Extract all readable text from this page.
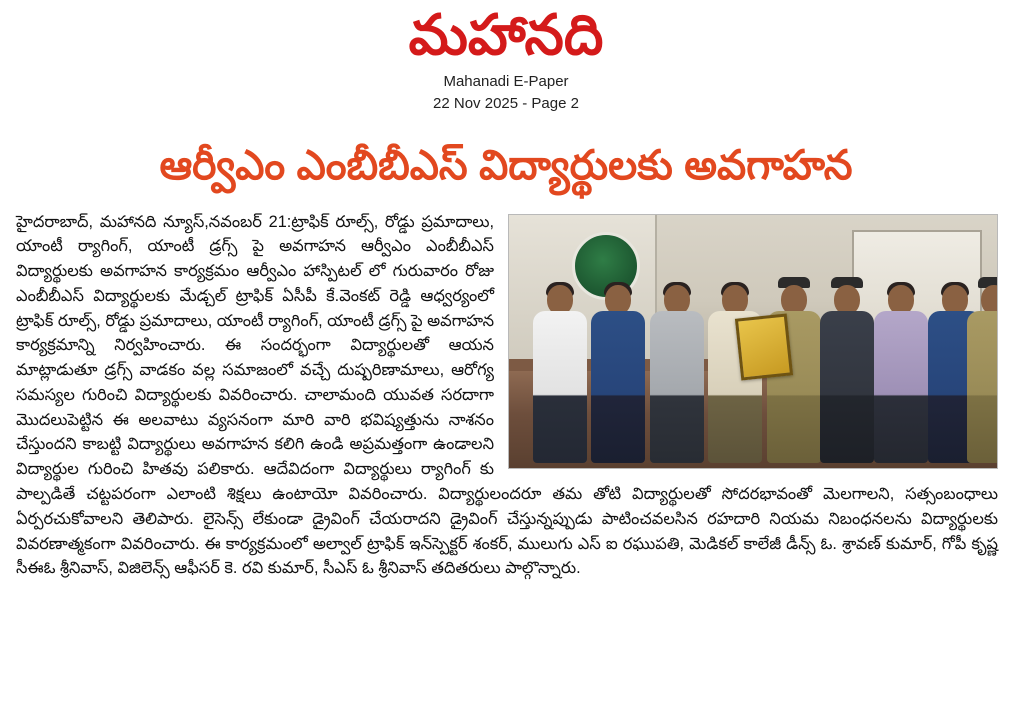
మహానది
Mahanadi E-Paper
22 Nov 2025 - Page 2
ఆర్వీఎం ఎంబీబీఎస్ విద్యార్థులకు అవగాహన

హైదరాబాద్, మహానది న్యూస్,నవంబర్ 21:ట్రాఫిక్ రూల్స్, రోడ్డు ప్రమాదాలు, యాంటీ ర్యాగింగ్, యాంటీ డ్రగ్స్ పై అవగాహన ఆర్వీఎం ఎంబీబీఎస్ విద్యార్థులకు అవగాహన కార్యక్రమం ఆర్వీఎం హాస్పిటల్ లో గురువారం రోజు ఎంబీబీఎస్ విద్యార్థులకు మేడ్చల్ ట్రాఫిక్ ఏసీపీ కే.వెంకట్ రెడ్డి ఆధ్వర్యంలో ట్రాఫిక్ రూల్స్, రోడ్డు ప్రమాదాలు, యాంటీ ర్యాగింగ్, యాంటీ డ్రగ్స్ పై అవగాహన కార్యక్రమాన్ని నిర్వహించారు. ఈ సందర్భంగా విద్యార్థులతో ఆయన మాట్లాడుతూ డ్రగ్స్ వాడకం వల్ల సమాజంలో వచ్చే దుష్పరిణామాలు, ఆరోగ్య సమస్యల గురించి విద్యార్థులకు వివరించారు. చాలామంది యువత సరదాగా మొదలుపెట్టిన ఈ అలవాటు వ్యసనంగా మారి వారి భవిష్యత్తును నాశనం చేస్తుందని కాబట్టి విద్యార్థులు అవగాహన కలిగి ఉండి అప్రమత్తంగా ఉండాలని విద్యార్థుల గురించి హితవు పలికారు. ఆదేవిదంగా విద్యార్థులు ర్యాగింగ్ కు పాల్పడితే చట్టపరంగా ఎలాంటి శిక్షలు ఉంటాయో వివరించారు. విద్యార్థులందరూ తమ తోటి విద్యార్థులతో సోదరభావంతో మెలగాలని, సత్సంబంధాలు ఏర్పరచుకోవాలని తెలిపారు. లైసెన్స్ లేకుండా డ్రైవింగ్ చేయరాదని డ్రైవింగ్ చేస్తున్నప్పుడు పాటించవలసిన రహదారి నియమ నిబంధనలను విద్యార్థులకు వివరణాత్మకంగా వివరించారు. ఈ కార్యక్రమంలో అల్వాల్ ట్రాఫిక్ ఇన్‌స్పెక్టర్ శంకర్, ములుగు ఎస్ ఐ రఘుపతి, మెడికల్ కాలేజీ డీన్స్ ఓ. శ్రావణ్ కుమార్, గోపీ కృష్ణ సీఈఓ శ్రీనివాస్, విజిలెన్స్ ఆఫీసర్ కె. రవి కుమార్, సీఎస్ ఓ శ్రీనివాస్ తదితరులు పాల్గొన్నారు.
